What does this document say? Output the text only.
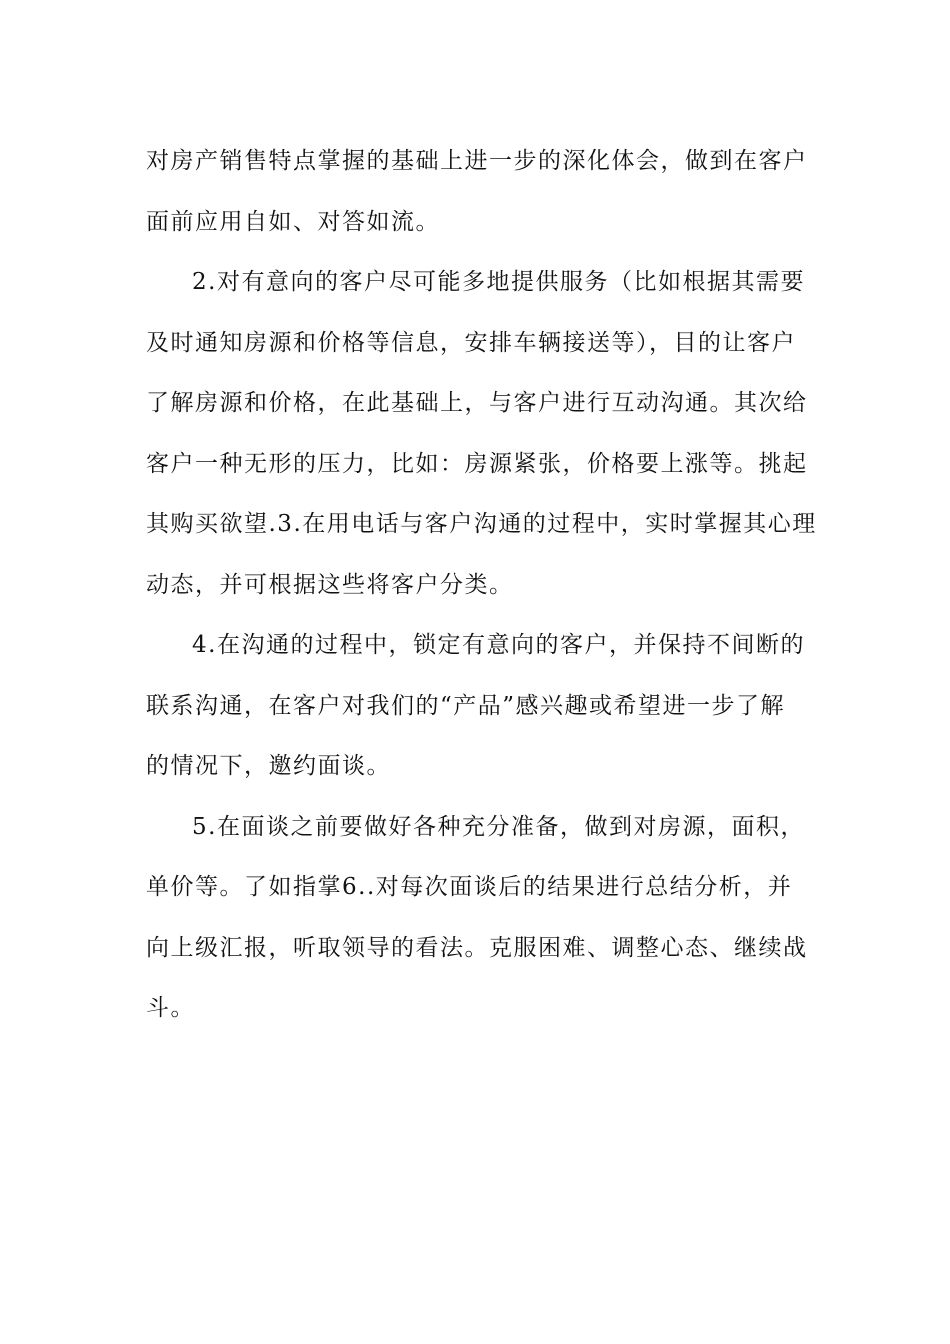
对房产销售特点掌握的基础上进一步的深化体会，做到在客户
面前应用自如、对答如流。
2.对有意向的客户尽可能多地提供服务（比如根据其需要
及时通知房源和价格等信息，安排车辆接送等），目的让客户
了解房源和价格，在此基础上，与客户进行互动沟通。其次给
客户一种无形的压力，比如：房源紧张，价格要上涨等。挑起
其购买欲望.3.在用电话与客户沟通的过程中，实时掌握其心理
动态，并可根据这些将客户分类。
4.在沟通的过程中，锁定有意向的客户，并保持不间断的
联系沟通，在客户对我们的“产品”感兴趣或希望进一步了解
的情况下，邀约面谈。
5.在面谈之前要做好各种充分准备，做到对房源，面积，
单价等。了如指掌6..对每次面谈后的结果进行总结分析，并
向上级汇报，听取领导的看法。克服困难、调整心态、继续战
斗。
